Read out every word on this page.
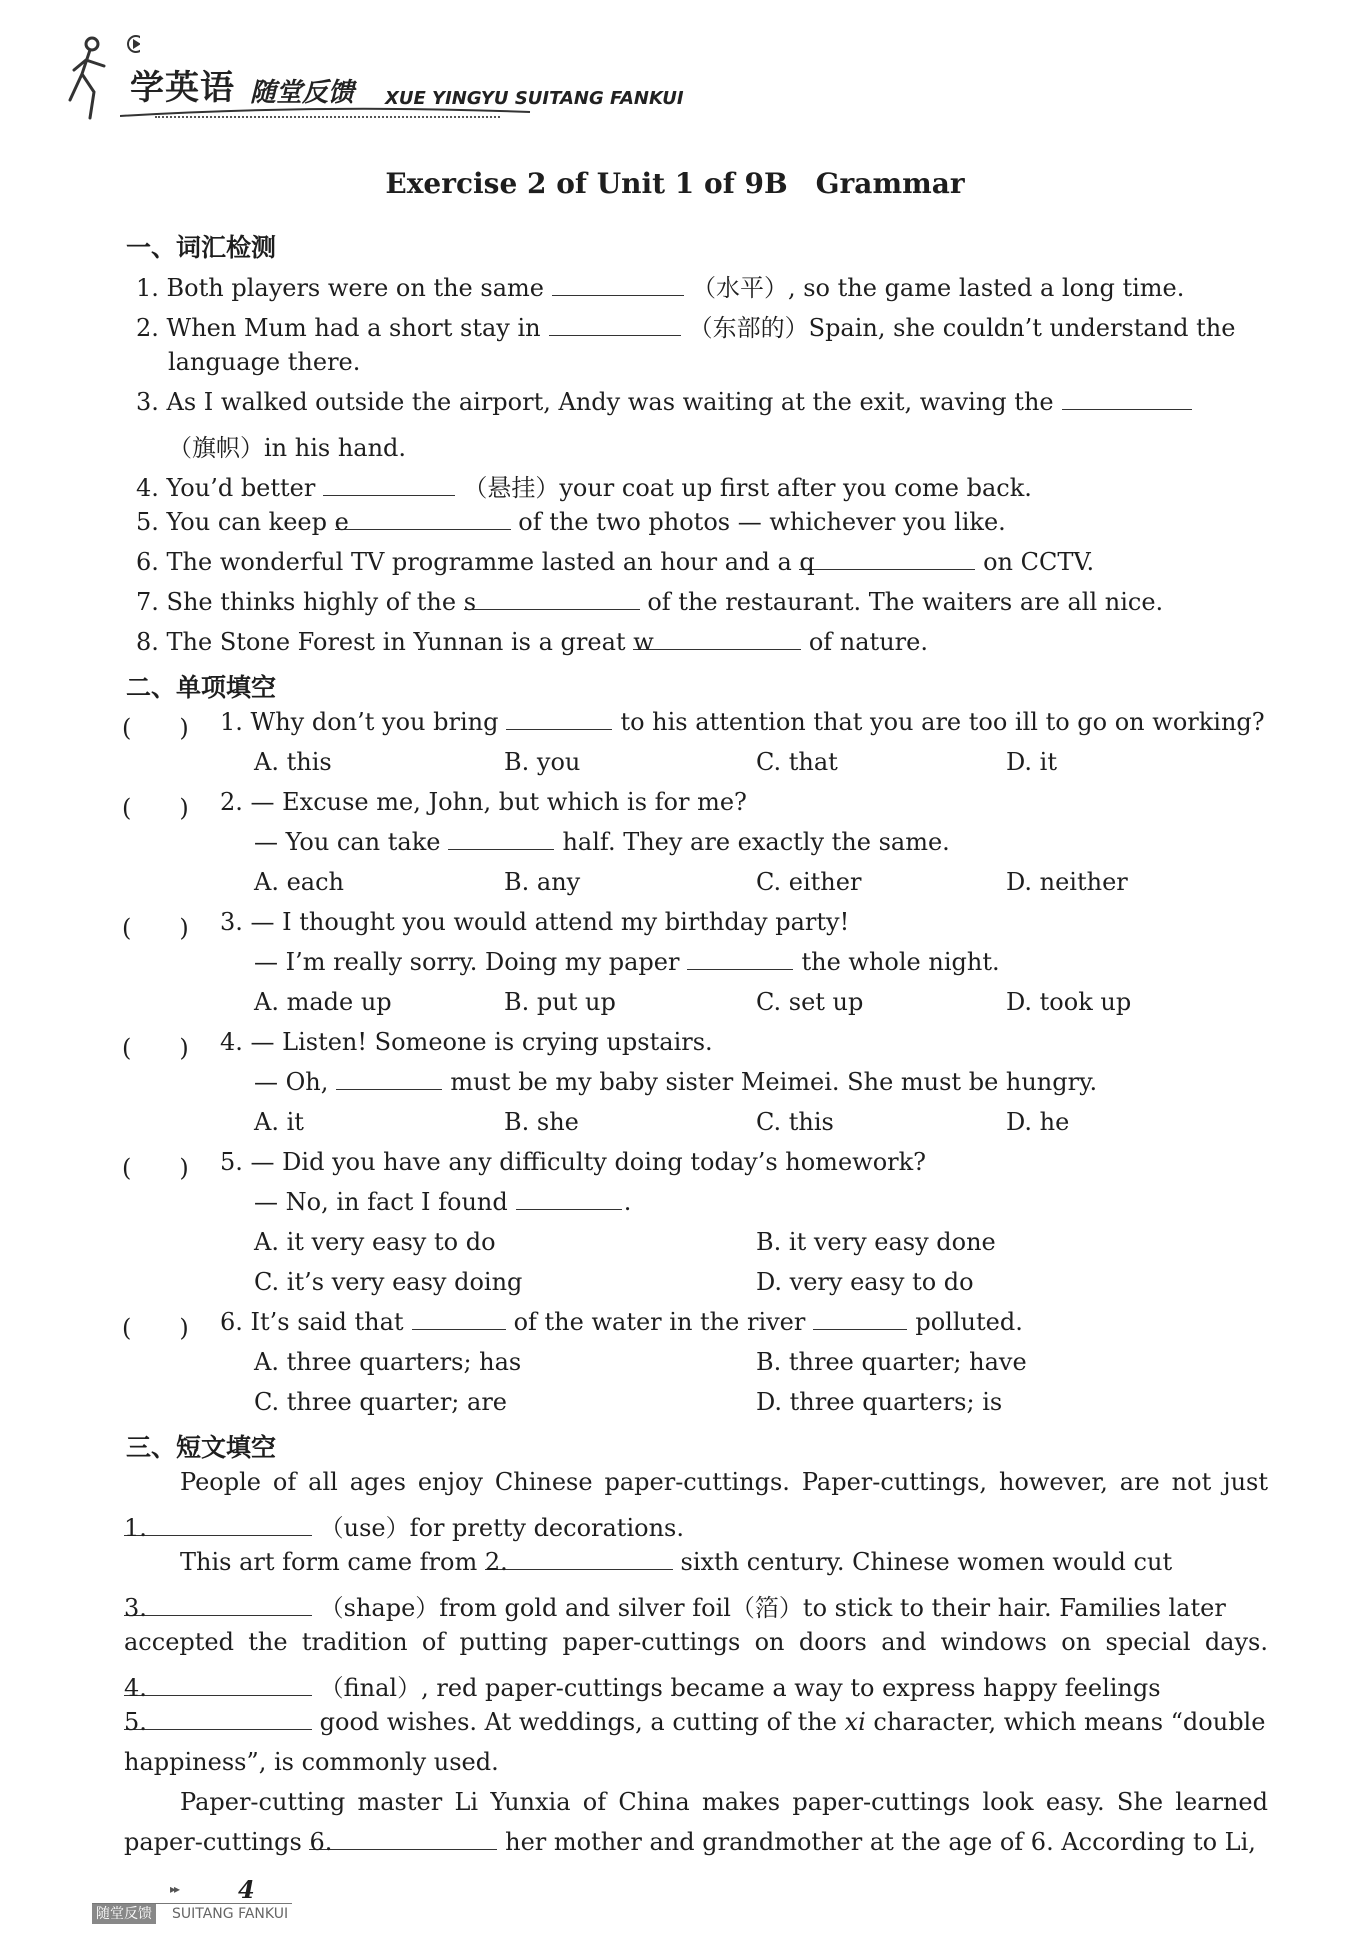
学英语 随堂反馈 XUE YINGYU SUITANG FANKUI
Exercise 2 of Unit 1 of 9B　Grammar
一、词汇检测
1. Both players were on the same	（水平）, so the game lasted a long time.
2. When Mum had a short stay in	（东部的）Spain, she couldn’t understand the
language there.
3. As I walked outside the airport, Andy was waiting at the exit, waving the
（旗帜）in his hand.
4. You’d better	（悬挂）your coat up first after you come back.
5. You can keep e	of the two photos — whichever you like.
6. The wonderful TV programme lasted an hour and a q	on CCTV.
7. She thinks highly of the s	of the restaurant. The waiters are all nice.
8. The Stone Forest in Yunnan is a great w	of nature.
二、单项填空
(　　) 1. Why don’t you bring	to his attention that you are too ill to go on working?
A. this	B. you	C. that	D. it
(　　) 2. — Excuse me, John, but which is for me?
— You can take	half. They are exactly the same.
A. each	B. any	C. either	D. neither
(　　) 3. — I thought you would attend my birthday party!
— I’m really sorry. Doing my paper	the whole night.
A. made up	B. put up	C. set up	D. took up
(　　) 4. — Listen! Someone is crying upstairs.
— Oh,	must be my baby sister Meimei. She must be hungry.
A. it	B. she	C. this	D. he
(　　) 5. — Did you have any difficulty doing today’s homework?
— No, in fact I found	.
A. it very easy to do	B. it very easy done
C. it’s very easy doing	D. very easy to do
(　　) 6. It’s said that	of the water in the river	polluted.
A. three quarters; has	B. three quarter; have
C. three quarter; are	D. three quarters; is
三、短文填空
People of all ages enjoy Chinese paper-cuttings. Paper-cuttings, however, are not just
1.	（use）for pretty decorations.
This art form came from 2.	sixth century. Chinese women would cut
3.	（shape）from gold and silver foil（箔）to stick to their hair. Families later
accepted the tradition of putting paper-cuttings on doors and windows on special days.
4.	（final）, red paper-cuttings became a way to express happy feelings
5.	good wishes. At weddings, a cutting of the xi character, which means “double
happiness”, is commonly used.
Paper-cutting master Li Yunxia of China makes paper-cuttings look easy. She learned
paper-cuttings 6.	her mother and grandmother at the age of 6. According to Li,
▸▸ 4
随堂反馈 SUITANG FANKUI
